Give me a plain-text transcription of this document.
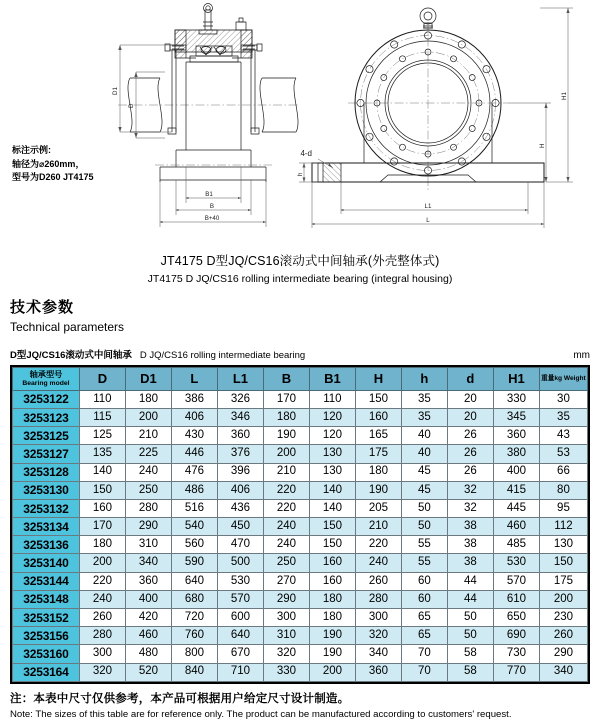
D1
D
B1
B
B+40
4-d
h
H1
H
L1
L
标注示例:
轴径为⌀260mm，
型号为D260 JT4175
JT4175 D型JQ/CS16滚动式中间轴承(外壳整体式)
JT4175 D JQ/CS16 rolling intermediate bearing (integral housing)
技术参数
Technical parameters
D型JQ/CS16滚动式中间轴承 D JQ/CS16 rolling intermediate bearing	mm
轴承型号
Bearing model	D	D1	L	L1	B	B1	H	h	d	H1	重量kg Weight
3253122	110	180	386	326	170	110	150	35	20	330	30
3253123	115	200	406	346	180	120	160	35	20	345	35
3253125	125	210	430	360	190	120	165	40	26	360	43
3253127	135	225	446	376	200	130	175	40	26	380	53
3253128	140	240	476	396	210	130	180	45	26	400	66
3253130	150	250	486	406	220	140	190	45	32	415	80
3253132	160	280	516	436	220	140	205	50	32	445	95
3253134	170	290	540	450	240	150	210	50	38	460	112
3253136	180	310	560	470	240	150	220	55	38	485	130
3253140	200	340	590	500	250	160	240	55	38	530	150
3253144	220	360	640	530	270	160	260	60	44	570	175
3253148	240	400	680	570	290	180	280	60	44	610	200
3253152	260	420	720	600	300	180	300	65	50	650	230
3253156	280	460	760	640	310	190	320	65	50	690	260
3253160	300	480	800	670	320	190	340	70	58	730	290
3253164	320	520	840	710	330	200	360	70	58	770	340
注：本表中尺寸仅供参考，本产品可根据用户给定尺寸设计制造。
Note: The sizes of this table are for reference only. The product can be manufactured according to customers' request.
